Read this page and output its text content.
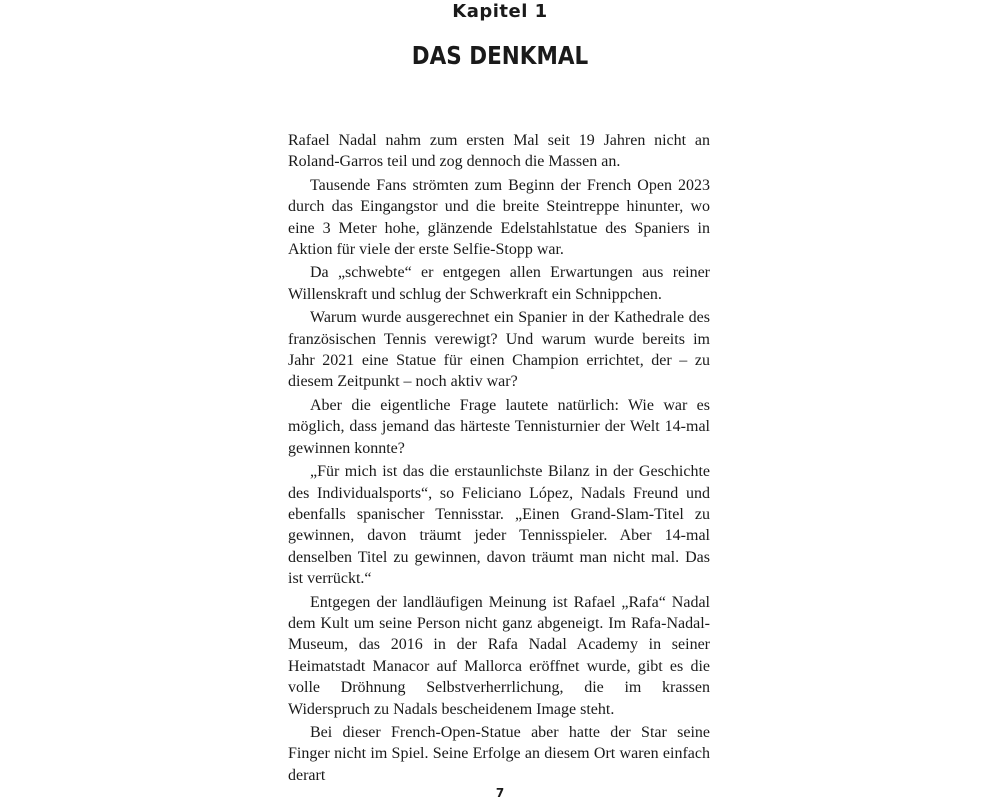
Kapitel 1
DAS DENKMAL

Rafael Nadal nahm zum ersten Mal seit 19 Jahren nicht an Roland-Garros teil und zog dennoch die Massen an.

Tausende Fans strömten zum Beginn der French Open 2023 durch das Eingangstor und die breite Steintreppe hinunter, wo eine 3 Meter hohe, glänzende Edelstahlstatue des Spaniers in Aktion für viele der erste Selfie-Stopp war.

Da „schwebte“ er entgegen allen Erwartungen aus reiner Willenskraft und schlug der Schwerkraft ein Schnippchen.

Warum wurde ausgerechnet ein Spanier in der Kathedrale des französischen Tennis verewigt? Und warum wurde bereits im Jahr 2021 eine Statue für einen Champion errichtet, der – zu diesem Zeitpunkt – noch aktiv war?

Aber die eigentliche Frage lautete natürlich: Wie war es möglich, dass jemand das härteste Tennisturnier der Welt 14-mal gewinnen konnte?

„Für mich ist das die erstaunlichste Bilanz in der Geschichte des Individualsports“, so Feliciano López, Nadals Freund und ebenfalls spanischer Tennisstar. „Einen Grand-Slam-Titel zu gewinnen, davon träumt jeder Tennisspieler. Aber 14-mal denselben Titel zu gewinnen, davon träumt man nicht mal. Das ist verrückt.“

Entgegen der landläufigen Meinung ist Rafael „Rafa“ Nadal dem Kult um seine Person nicht ganz abgeneigt. Im Rafa-Nadal-Museum, das 2016 in der Rafa Nadal Academy in seiner Heimatstadt Manacor auf Mallorca eröffnet wurde, gibt es die volle Dröhnung Selbstverherrlichung, die im krassen Widerspruch zu Nadals bescheidenem Image steht.

Bei dieser French-Open-Statue aber hatte der Star seine Finger nicht im Spiel. Seine Erfolge an diesem Ort waren einfach derart

7
